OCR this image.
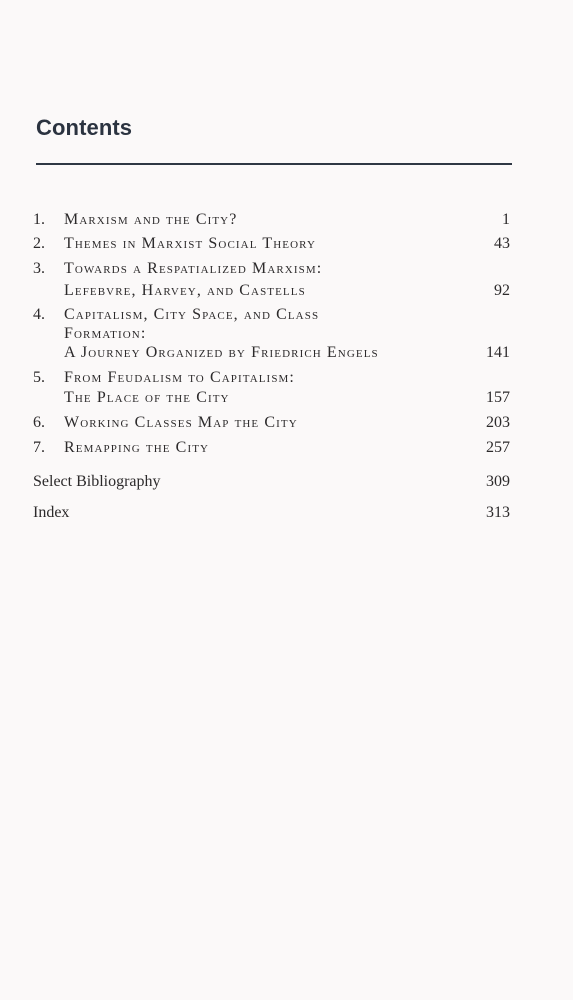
Contents
1. Marxism and the City?	1
2. Themes in Marxist Social Theory	43
3. Towards a Respatialized Marxism:
Lefebvre, Harvey, and Castells	92
4. Capitalism, City Space, and Class
Formation:
A Journey Organized by Friedrich Engels	141
5. From Feudalism to Capitalism:
The Place of the City	157
6. Working Classes Map the City	203
7. Remapping the City	257
Select Bibliography	309
Index	313
